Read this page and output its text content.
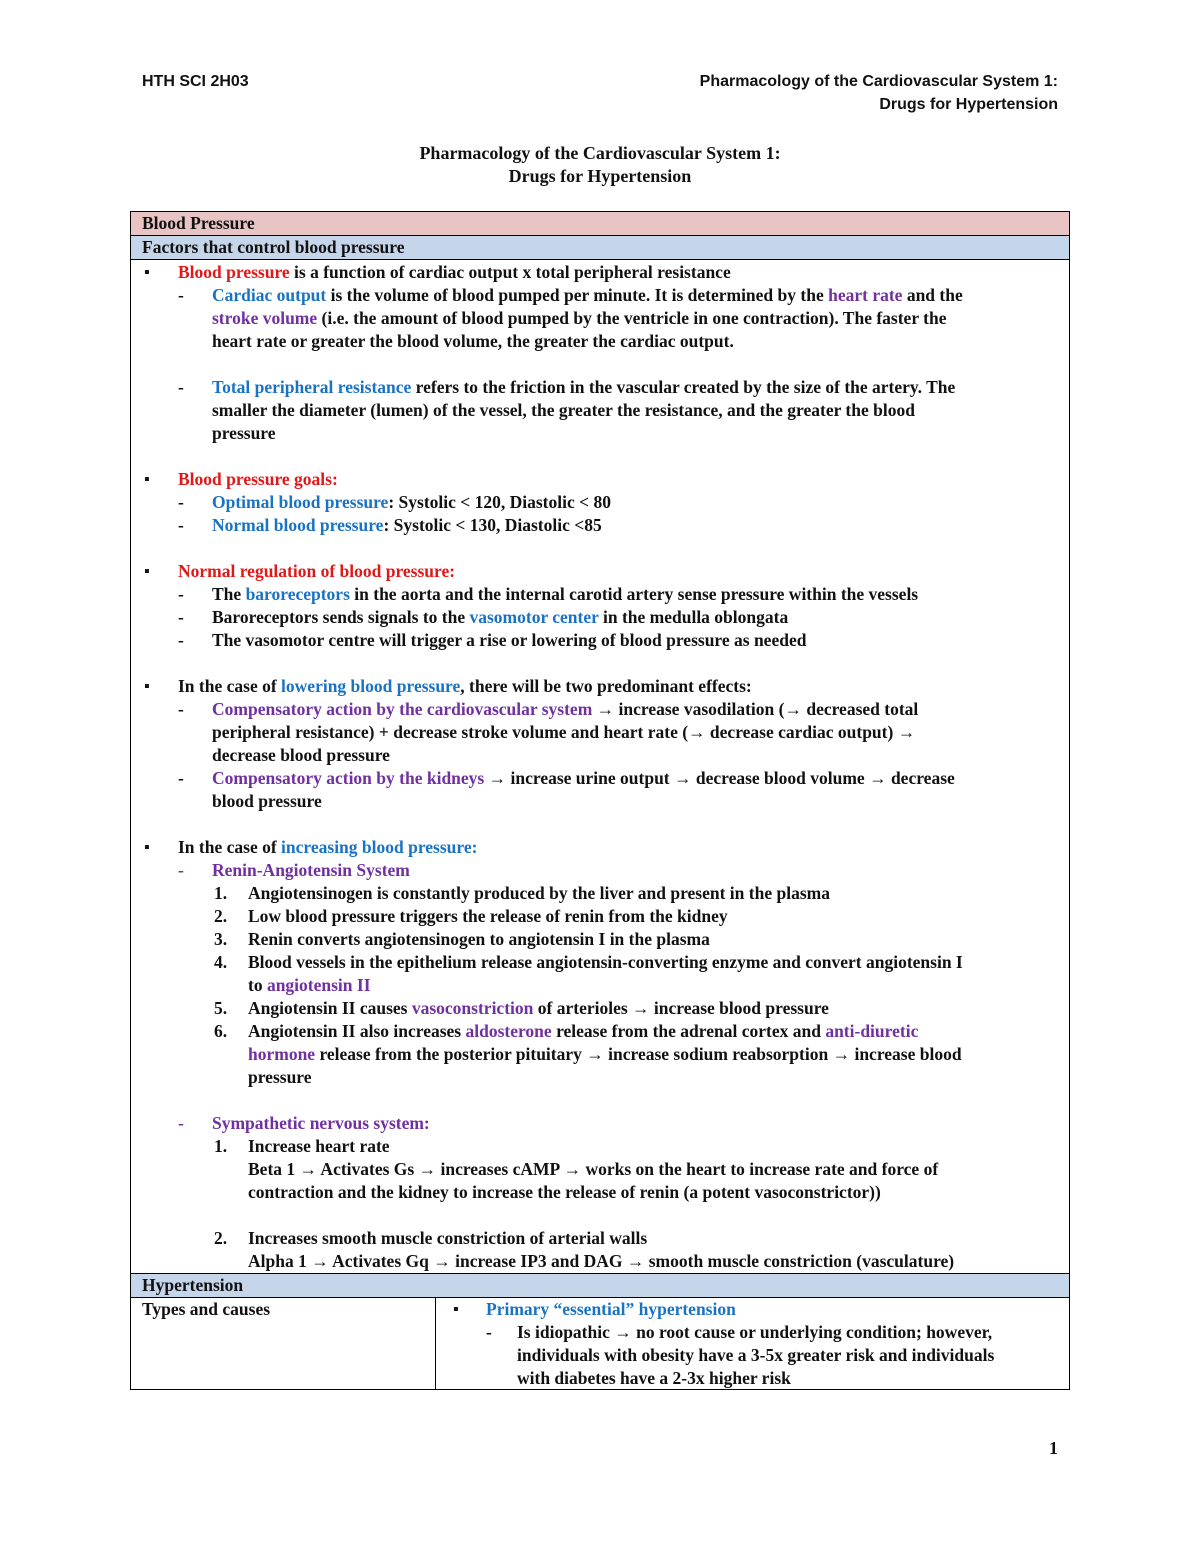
HTH SCI 2H03	Pharmacology of the Cardiovascular System 1:
Drugs for Hypertension
Pharmacology of the Cardiovascular System 1:
Drugs for Hypertension
Blood Pressure
Factors that control blood pressure
▪ Blood pressure is a function of cardiac output x total peripheral resistance
- Cardiac output is the volume of blood pumped per minute. It is determined by the heart rate and the
stroke volume (i.e. the amount of blood pumped by the ventricle in one contraction). The faster the
heart rate or greater the blood volume, the greater the cardiac output.
- Total peripheral resistance refers to the friction in the vascular created by the size of the artery. The
smaller the diameter (lumen) of the vessel, the greater the resistance, and the greater the blood
pressure
▪ Blood pressure goals:
- Optimal blood pressure: Systolic < 120, Diastolic < 80
- Normal blood pressure: Systolic < 130, Diastolic <85
▪ Normal regulation of blood pressure:
- The baroreceptors in the aorta and the internal carotid artery sense pressure within the vessels
- Baroreceptors sends signals to the vasomotor center in the medulla oblongata
- The vasomotor centre will trigger a rise or lowering of blood pressure as needed
▪ In the case of lowering blood pressure, there will be two predominant effects:
- Compensatory action by the cardiovascular system → increase vasodilation (→ decreased total
peripheral resistance) + decrease stroke volume and heart rate (→ decrease cardiac output) →
decrease blood pressure
- Compensatory action by the kidneys → increase urine output → decrease blood volume → decrease
blood pressure
▪ In the case of increasing blood pressure:
- Renin-Angiotensin System
1. Angiotensinogen is constantly produced by the liver and present in the plasma
2. Low blood pressure triggers the release of renin from the kidney
3. Renin converts angiotensinogen to angiotensin I in the plasma
4. Blood vessels in the epithelium release angiotensin-converting enzyme and convert angiotensin I
to angiotensin II
5. Angiotensin II causes vasoconstriction of arterioles → increase blood pressure
6. Angiotensin II also increases aldosterone release from the adrenal cortex and anti-diuretic
hormone release from the posterior pituitary → increase sodium reabsorption → increase blood
pressure
- Sympathetic nervous system:
1. Increase heart rate
Beta 1 → Activates Gs → increases cAMP → works on the heart to increase rate and force of
contraction and the kidney to increase the release of renin (a potent vasoconstrictor))
2. Increases smooth muscle constriction of arterial walls
Alpha 1 → Activates Gq → increase IP3 and DAG → smooth muscle constriction (vasculature)
Hypertension
Types and causes
▪	Primary “essential” hypertension
- Is idiopathic → no root cause or underlying condition; however,
individuals with obesity have a 3-5x greater risk and individuals
with diabetes have a 2-3x higher risk
1
